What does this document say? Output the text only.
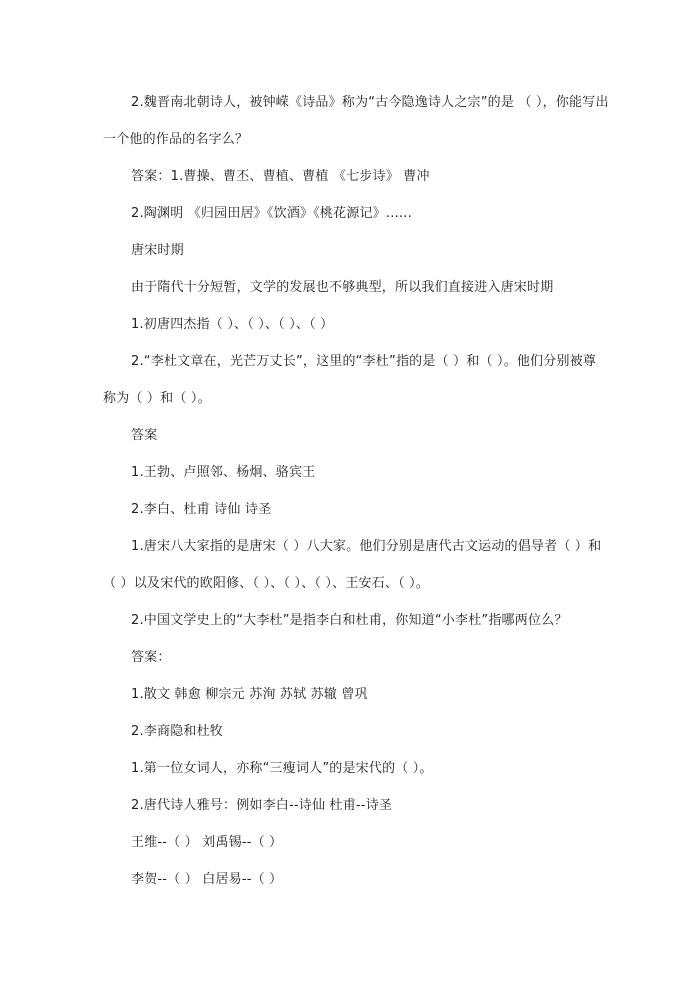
2.魏晋南北朝诗人，被钟嵘《诗品》称为“古今隐逸诗人之宗”的是 （ ），你能写出
一个他的作品的名字么？
答案：1.曹操、曹丕、曹植、曹植 《七步诗》 曹冲
2.陶渊明 《归园田居》《饮酒》《桃花源记》......
唐宋时期
由于隋代十分短暂，文学的发展也不够典型，所以我们直接进入唐宋时期
1.初唐四杰指（ ）、（ ）、（ ）、（ ）
2.“李杜文章在，光芒万丈长”，这里的“李杜”指的是（ ）和（ ）。他们分别被尊
称为（ ）和（ ）。
答案
1.王勃、卢照邻、杨炯、骆宾王
2.李白、杜甫 诗仙 诗圣
1.唐宋八大家指的是唐宋（ ）八大家。他们分别是唐代古文运动的倡导者（ ）和
（ ）以及宋代的欧阳修、（ ）、（ ）、（ ）、王安石、（ ）。
2.中国文学史上的“大李杜”是指李白和杜甫，你知道“小李杜”指哪两位么？
答案：
1.散文 韩愈 柳宗元 苏洵 苏轼 苏辙 曾巩
2.李商隐和杜牧
1.第一位女词人，亦称“三瘦词人”的是宋代的（ ）。
2.唐代诗人雅号：例如李白--诗仙 杜甫--诗圣
王维--（ ） 刘禹锡--（ ）
李贺--（ ） 白居易--（ ）
